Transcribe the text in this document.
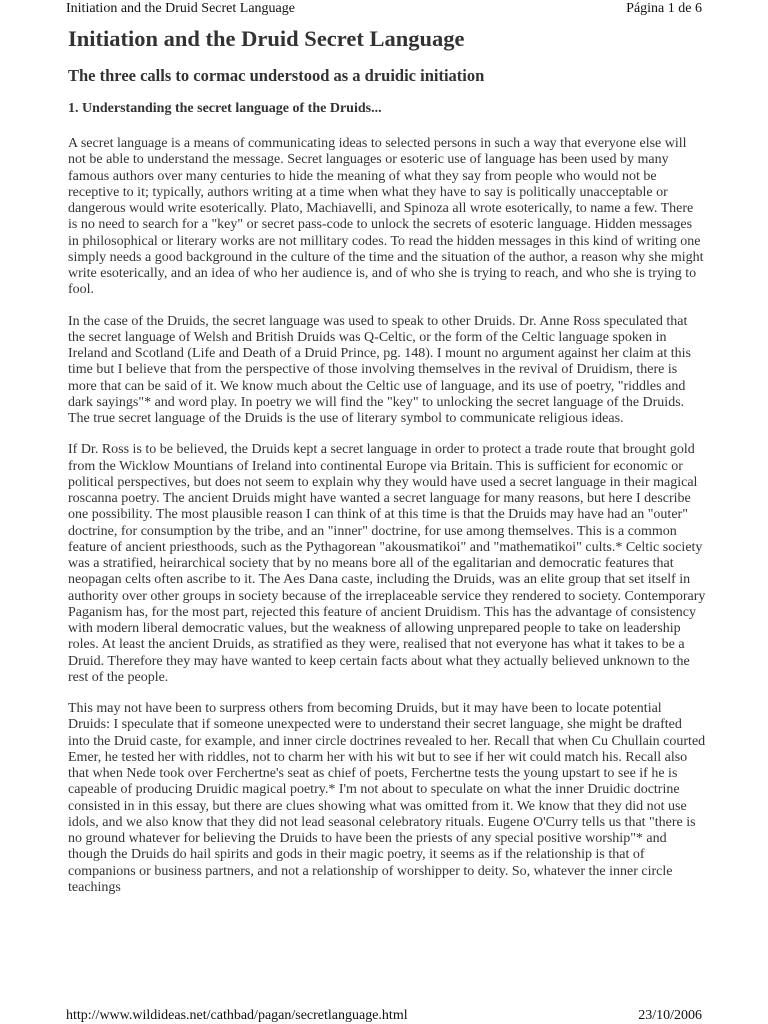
Initiation and the Druid Secret Language	Página 1 de 6
Initiation and the Druid Secret Language
The three calls to cormac understood as a druidic initiation
1. Understanding the secret language of the Druids...

A secret language is a means of communicating ideas to selected persons in such a way that everyone else will not be able to understand the message. Secret languages or esoteric use of language has been used by many famous authors over many centuries to hide the meaning of what they say from people who would not be receptive to it; typically, authors writing at a time when what they have to say is politically unacceptable or dangerous would write esoterically. Plato, Machiavelli, and Spinoza all wrote esoterically, to name a few. There is no need to search for a "key" or secret pass-code to unlock the secrets of esoteric language. Hidden messages in philosophical or literary works are not millitary codes. To read the hidden messages in this kind of writing one simply needs a good background in the culture of the time and the situation of the author, a reason why she might write esoterically, and an idea of who her audience is, and of who she is trying to reach, and who she is trying to fool.

In the case of the Druids, the secret language was used to speak to other Druids. Dr. Anne Ross speculated that the secret language of Welsh and British Druids was Q-Celtic, or the form of the Celtic language spoken in Ireland and Scotland (Life and Death of a Druid Prince, pg. 148). I mount no argument against her claim at this time but I believe that from the perspective of those involving themselves in the revival of Druidism, there is more that can be said of it. We know much about the Celtic use of language, and its use of poetry, "riddles and dark sayings"* and word play. In poetry we will find the "key" to unlocking the secret language of the Druids. The true secret language of the Druids is the use of literary symbol to communicate religious ideas.

If Dr. Ross is to be believed, the Druids kept a secret language in order to protect a trade route that brought gold from the Wicklow Mountians of Ireland into continental Europe via Britain. This is sufficient for economic or political perspectives, but does not seem to explain why they would have used a secret language in their magical roscanna poetry. The ancient Druids might have wanted a secret language for many reasons, but here I describe one possibility. The most plausible reason I can think of at this time is that the Druids may have had an "outer" doctrine, for consumption by the tribe, and an "inner" doctrine, for use among themselves. This is a common feature of ancient priesthoods, such as the Pythagorean "akousmatikoi" and "mathematikoi" cults.* Celtic society was a stratified, heirarchical society that by no means bore all of the egalitarian and democratic features that neopagan celts often ascribe to it. The Aes Dana caste, including the Druids, was an elite group that set itself in authority over other groups in society because of the irreplaceable service they rendered to society. Contemporary Paganism has, for the most part, rejected this feature of ancient Druidism. This has the advantage of consistency with modern liberal democratic values, but the weakness of allowing unprepared people to take on leadership roles. At least the ancient Druids, as stratified as they were, realised that not everyone has what it takes to be a Druid. Therefore they may have wanted to keep certain facts about what they actually believed unknown to the rest of the people.

This may not have been to surpress others from becoming Druids, but it may have been to locate potential Druids: I speculate that if someone unexpected were to understand their secret language, she might be drafted into the Druid caste, for example, and inner circle doctrines revealed to her. Recall that when Cu Chullain courted Emer, he tested her with riddles, not to charm her with his wit but to see if her wit could match his. Recall also that when Nede took over Ferchertne's seat as chief of poets, Ferchertne tests the young upstart to see if he is capeable of producing Druidic magical poetry.* I'm not about to speculate on what the inner Druidic doctrine consisted in in this essay, but there are clues showing what was omitted from it. We know that they did not use idols, and we also know that they did not lead seasonal celebratory rituals. Eugene O'Curry tells us that "there is no ground whatever for believing the Druids to have been the priests of any special positive worship"* and though the Druids do hail spirits and gods in their magic poetry, it seems as if the relationship is that of companions or business partners, and not a relationship of worshipper to deity. So, whatever the inner circle teachings

http://www.wildideas.net/cathbad/pagan/secretlanguage.html	23/10/2006
